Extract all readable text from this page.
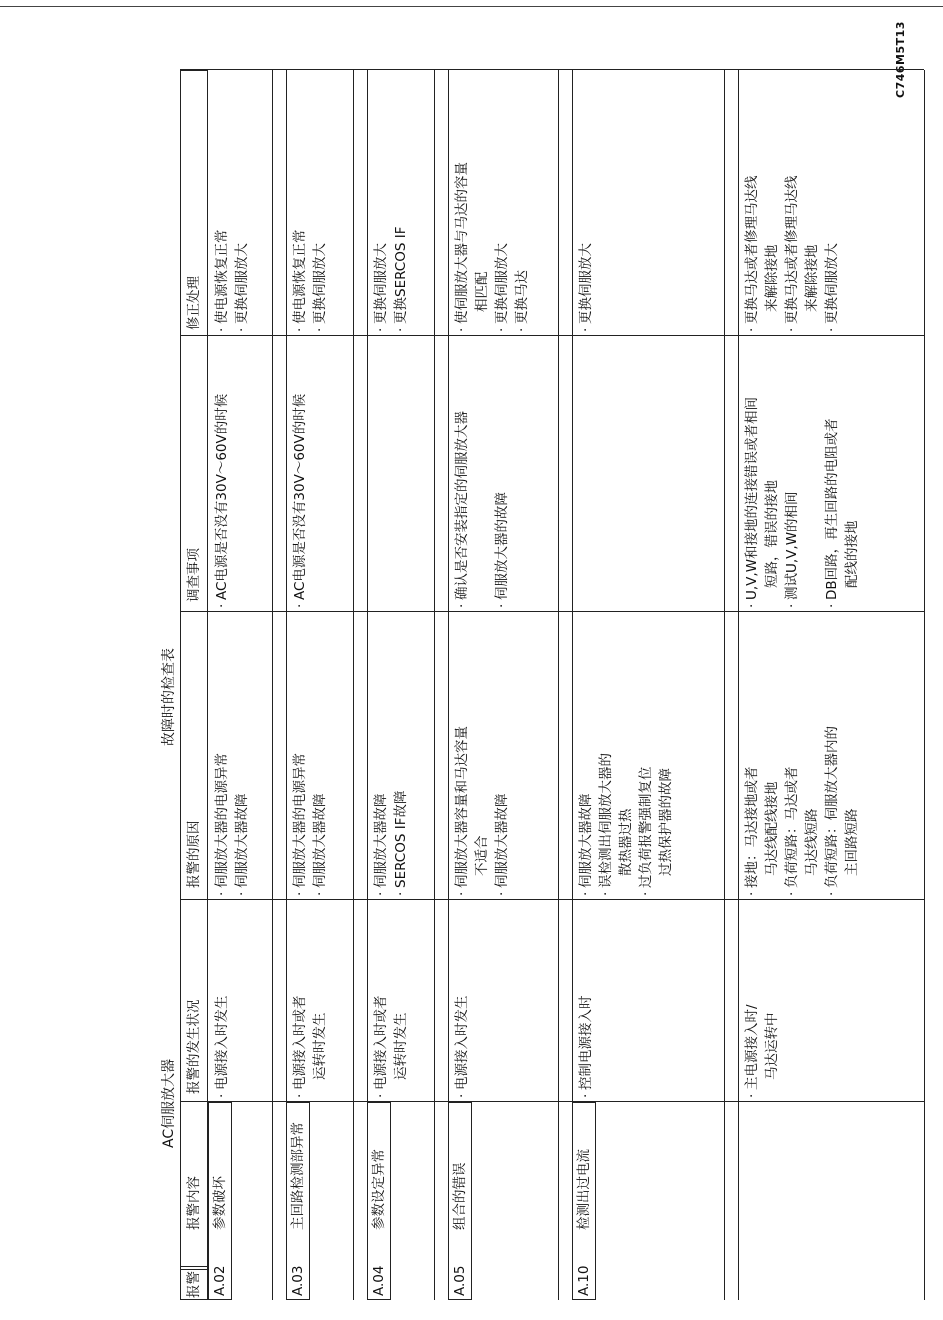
故障时的检查表
AC伺服放大器
C746M5T13
报警
报警内容
报警的发生状况
报警的原因
调查事项
修正处理
A.02
参数破坏
·
电源接入时发生
·
伺服放大器的电源异常
·
伺服放大器故障
·
AC电源是否没有30V～60V的时候
·
使电源恢复正常
·
更换伺服放大
A.03
主回路检测部异常
·
电源接入时或者 运转时发生
·
伺服放大器的电源异常
·
伺服放大器故障
·
AC电源是否没有30V～60V的时候
·
使电源恢复正常
·
更换伺服放大
A.04
参数设定异常
·
电源接入时或者 运转时发生
·
伺服放大器故障
·
SERCOS IF故障
·
更换伺服放大
·
更换SERCOS IF
A.05
组合的错误
·
电源接入时发生
·
伺服放大器容量和马达容量 不适合
·
伺服放大器故障
·
确认是否安装指定的伺服放大器
·
伺服放大器的故障
·
使伺服放大器与马达的容量 相匹配
·
更换伺服放大
·
更换马达
A.10
检测出过电流
·
控制电源接入时
·
伺服放大器故障
·
误检测出伺服放大器的 散热器过热
·
过负荷报警强制复位 过热保护器的故障
·
更换伺服放大
·
主电源接入时/ 马达运转中
·
接地：马达接地或者 马达线配线接地
·
负荷短路：马达或者 马达线短路
·
负荷短路：伺服放大器内的 主回路短路
·
U,V,W和接地的连接错误或者相间 短路，错误的接地
·
测试U,V,W的相间
·
DB回路，再生回路的电阻或者 配线的接地
·
更换马达或者修理马达线 来解除接地
·
更换马达或者修理马达线 来解除接地
·
更换伺服放大
